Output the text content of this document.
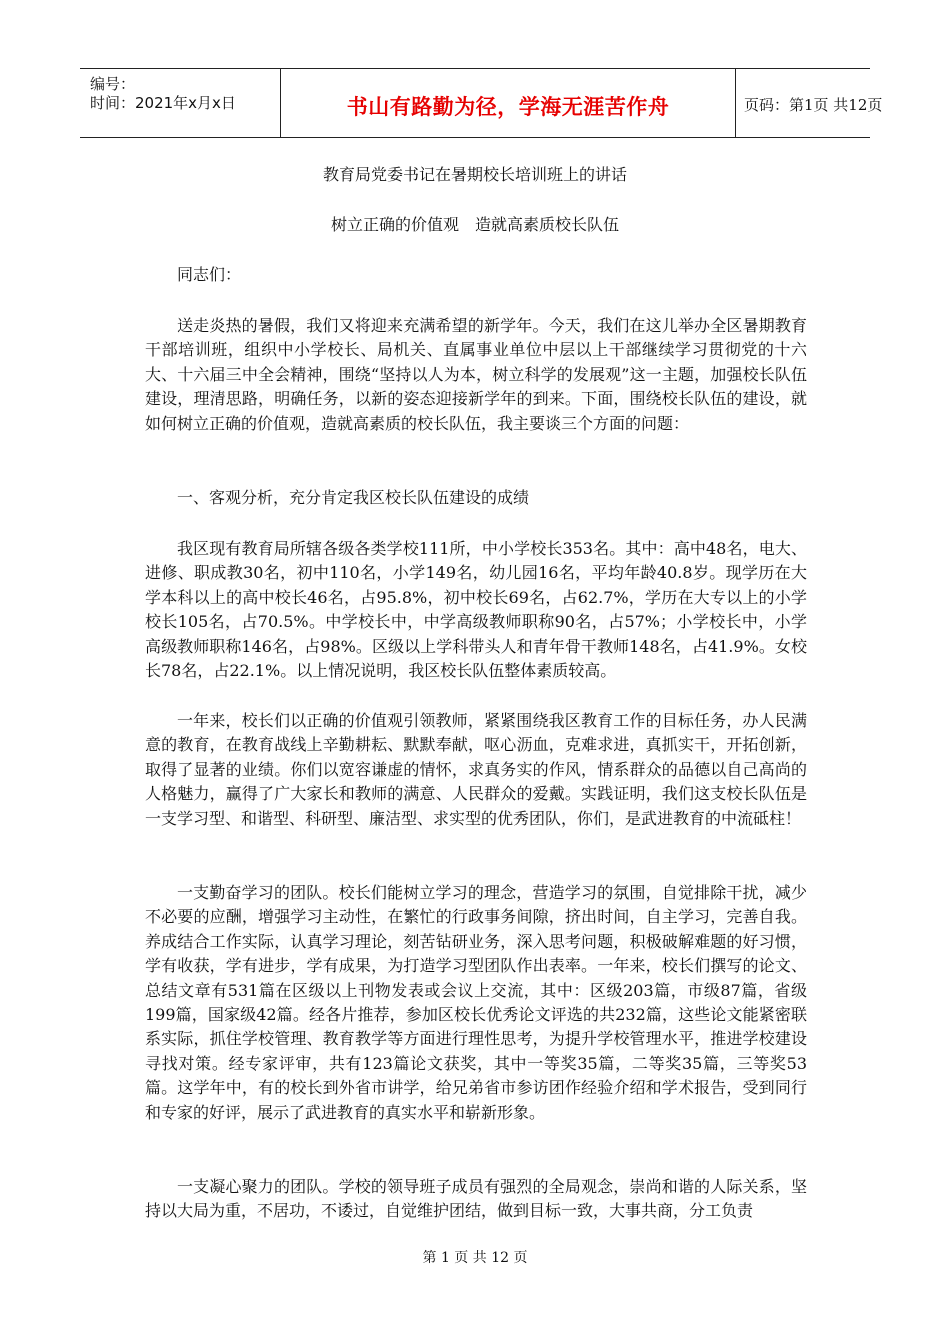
编号：
时间：2021年x月x日	书山有路勤为径，学海无涯苦作舟	页码：第1页 共12页
教育局党委书记在暑期校长培训班上的讲话
树立正确的价值观　造就高素质校长队伍

同志们：

送走炎热的暑假，我们又将迎来充满希望的新学年。今天，我们在这儿举办全区暑期教育干部培训班，组织中小学校长、局机关、直属事业单位中层以上干部继续学习贯彻党的十六大、十六届三中全会精神，围绕“坚持以人为本，树立科学的发展观”这一主题，加强校长队伍建设，理清思路，明确任务，以新的姿态迎接新学年的到来。下面，围绕校长队伍的建设，就如何树立正确的价值观，造就高素质的校长队伍，我主要谈三个方面的问题：

一、客观分析，充分肯定我区校长队伍建设的成绩

我区现有教育局所辖各级各类学校111所，中小学校长353名。其中：高中48名，电大、进修、职成教30名，初中110名，小学149名，幼儿园16名，平均年龄40.8岁。现学历在大学本科以上的高中校长46名，占95.8%，初中校长69名，占62.7%，学历在大专以上的小学校长105名，占70.5%。中学校长中，中学高级教师职称90名，占57%；小学校长中，小学高级教师职称146名，占98%。区级以上学科带头人和青年骨干教师148名，占41.9%。女校长78名，占22.1%。以上情况说明，我区校长队伍整体素质较高。

一年来，校长们以正确的价值观引领教师，紧紧围绕我区教育工作的目标任务，办人民满意的教育，在教育战线上辛勤耕耘、默默奉献，呕心沥血，克难求进，真抓实干，开拓创新，取得了显著的业绩。你们以宽容谦虚的情怀，求真务实的作风，情系群众的品德以自己高尚的人格魅力，赢得了广大家长和教师的满意、人民群众的爱戴。实践证明，我们这支校长队伍是一支学习型、和谐型、科研型、廉洁型、求实型的优秀团队，你们，是武进教育的中流砥柱！

一支勤奋学习的团队。校长们能树立学习的理念，营造学习的氛围，自觉排除干扰，减少不必要的应酬，增强学习主动性，在繁忙的行政事务间隙，挤出时间，自主学习，完善自我。养成结合工作实际，认真学习理论，刻苦钻研业务，深入思考问题，积极破解难题的好习惯，学有收获，学有进步，学有成果，为打造学习型团队作出表率。一年来，校长们撰写的论文、总结文章有531篇在区级以上刊物发表或会议上交流，其中：区级203篇，市级87篇，省级199篇，国家级42篇。经各片推荐，参加区校长优秀论文评选的共232篇，这些论文能紧密联系实际，抓住学校管理、教育教学等方面进行理性思考，为提升学校管理水平，推进学校建设寻找对策。经专家评审，共有123篇论文获奖，其中一等奖35篇，二等奖35篇，三等奖53篇。这学年中，有的校长到外省市讲学，给兄弟省市参访团作经验介绍和学术报告，受到同行和专家的好评，展示了武进教育的真实水平和崭新形象。

一支凝心聚力的团队。学校的领导班子成员有强烈的全局观念，崇尚和谐的人际关系，坚持以大局为重，不居功，不诿过，自觉维护团结，做到目标一致，大事共商，分工负责

第 1 页 共 12 页
